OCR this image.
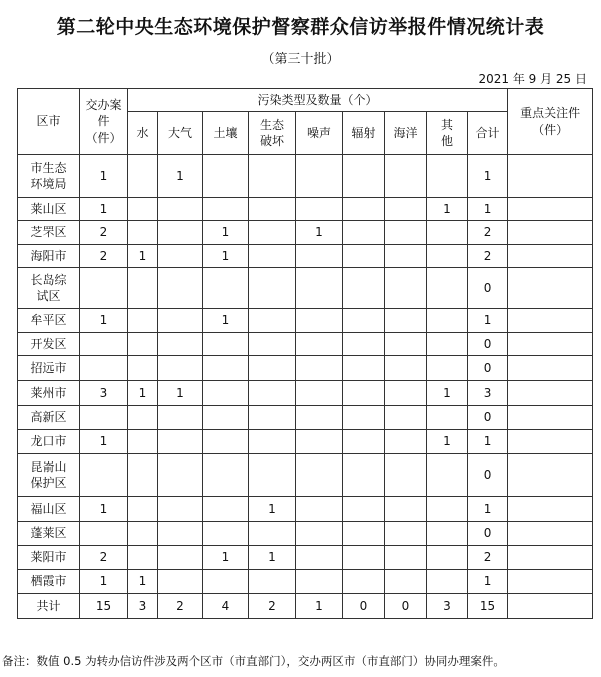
第二轮中央生态环境保护督察群众信访举报件情况统计表
（第三十批）
2021 年 9 月 25 日
区市	交办案件（件）	污染类型及数量（个）									重点关注件（件）
		水	大气	土壤	生态破坏	噪声	辐射	海洋	其他	合计	
市生态环境局	1		1							1	
莱山区	1								1	1	
芝罘区	2			1		1				2	
海阳市	2	1		1						2	
长岛综试区										0	
牟平区	1			1						1	
开发区										0	
招远市										0	
莱州市	3	1	1						1	3	
高新区										0	
龙口市	1								1	1	
昆嵛山保护区										0	
福山区	1				1					1	
蓬莱区										0	
莱阳市	2			1	1					2	
栖霞市	1	1								1	
共计	15	3	2	4	2	1	0	0	3	15	
备注：数值 0.5 为转办信访件涉及两个区市（市直部门），交办两区市（市直部门）协同办理案件。
